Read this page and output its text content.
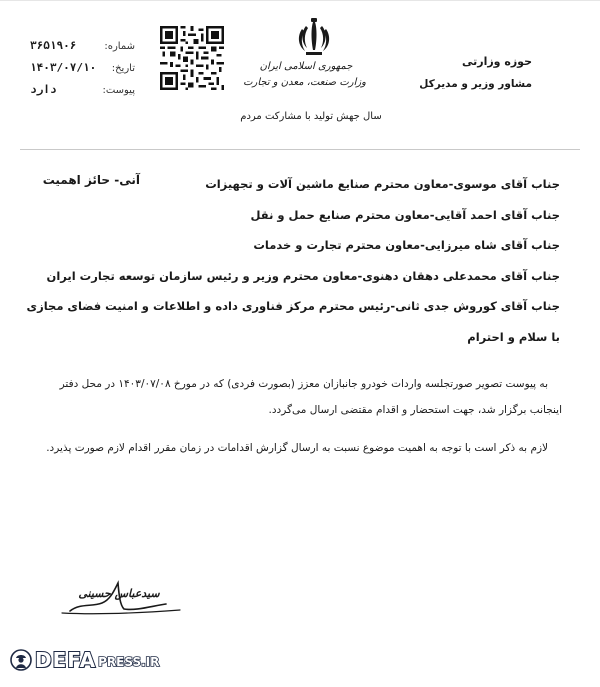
حوزه وزارتی
مشاور وزیر و مدیرکل
جمهوری اسلامی ایران
وزارت صنعت، معدن و تجارت
سال جهش تولید با مشارکت مردم
شماره:
۳۶۵۱۹۰۶
تاریخ:
۱۴۰۳/۰۷/۱۰
پیوست:
دارد
آنی- حائز اهمیت	جناب آقای موسوی-معاون محترم صنایع ماشین آلات و تجهیزات
جناب آقای احمد آقایی-معاون محترم صنایع حمل و نقل
جناب آقای شاه میرزایی-معاون محترم تجارت و خدمات
جناب آقای محمدعلی دهقان دهنوی-معاون محترم وزیر و رئیس سازمان توسعه تجارت ایران
جناب آقای کوروش جدی ثانی-رئیس محترم مرکز فناوری داده و اطلاعات و امنیت فضای مجازی
با سلام و احترام
به پیوست تصویر صورتجلسه واردات خودرو جانبازان معزز (بصورت فردی) که در مورخ ۱۴۰۳/۰۷/۰۸ در محل دفتر
اینجانب برگزار شد، جهت استحضار و اقدام مقتضی ارسال می‌گردد.
لازم به ذکر است با توجه به اهمیت موضوع نسبت به ارسال گزارش اقدامات در زمان مقرر اقدام لازم صورت پذیرد.
سیدعباس حسینی
DEFA PRESS.IR
